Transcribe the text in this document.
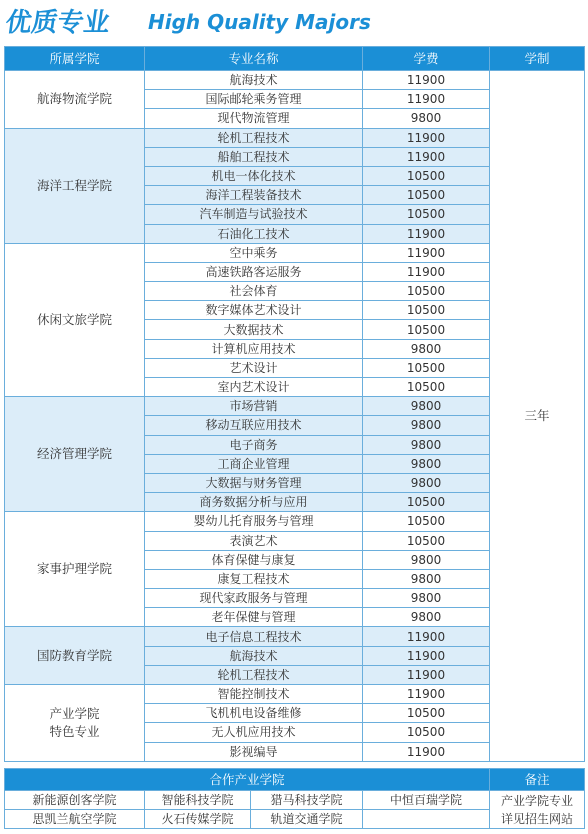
优质专业 High Quality Majors
所属学院	专业名称	学费	学制
航海物流学院	航海技术	11900	三年
	国际邮轮乘务管理	11900	
	现代物流管理	9800	
海洋工程学院	轮机工程技术	11900	
	船舶工程技术	11900	
	机电一体化技术	10500	
	海洋工程装备技术	10500	
	汽车制造与试验技术	10500	
	石油化工技术	11900	
休闲文旅学院	空中乘务	11900	
	高速铁路客运服务	11900	
	社会体育	10500	
	数字媒体艺术设计	10500	
	大数据技术	10500	
	计算机应用技术	9800	
	艺术设计	10500	
	室内艺术设计	10500	
经济管理学院	市场营销	9800	
	移动互联应用技术	9800	
	电子商务	9800	
	工商企业管理	9800	
	大数据与财务管理	9800	
	商务数据分析与应用	10500	
家事护理学院	婴幼儿托育服务与管理	10500	
	表演艺术	10500	
	体育保健与康复	9800	
	康复工程技术	9800	
	现代家政服务与管理	9800	
	老年保健与管理	9800	
国防教育学院	电子信息工程技术	11900	
	航海技术	11900	
	轮机工程技术	11900	

产业学院
特色专业	智能控制技术	11900	
	飞机机电设备维修	10500	
	无人机应用技术	10500	
	影视编导	11900	
合作产业学院				备注
新能源创客学院	智能科技学院	猎马科技学院	中恒百瑞学院	产业学院专业
详见招生网站

思凯兰航空学院	火石传媒学院	轨道交通学院		
